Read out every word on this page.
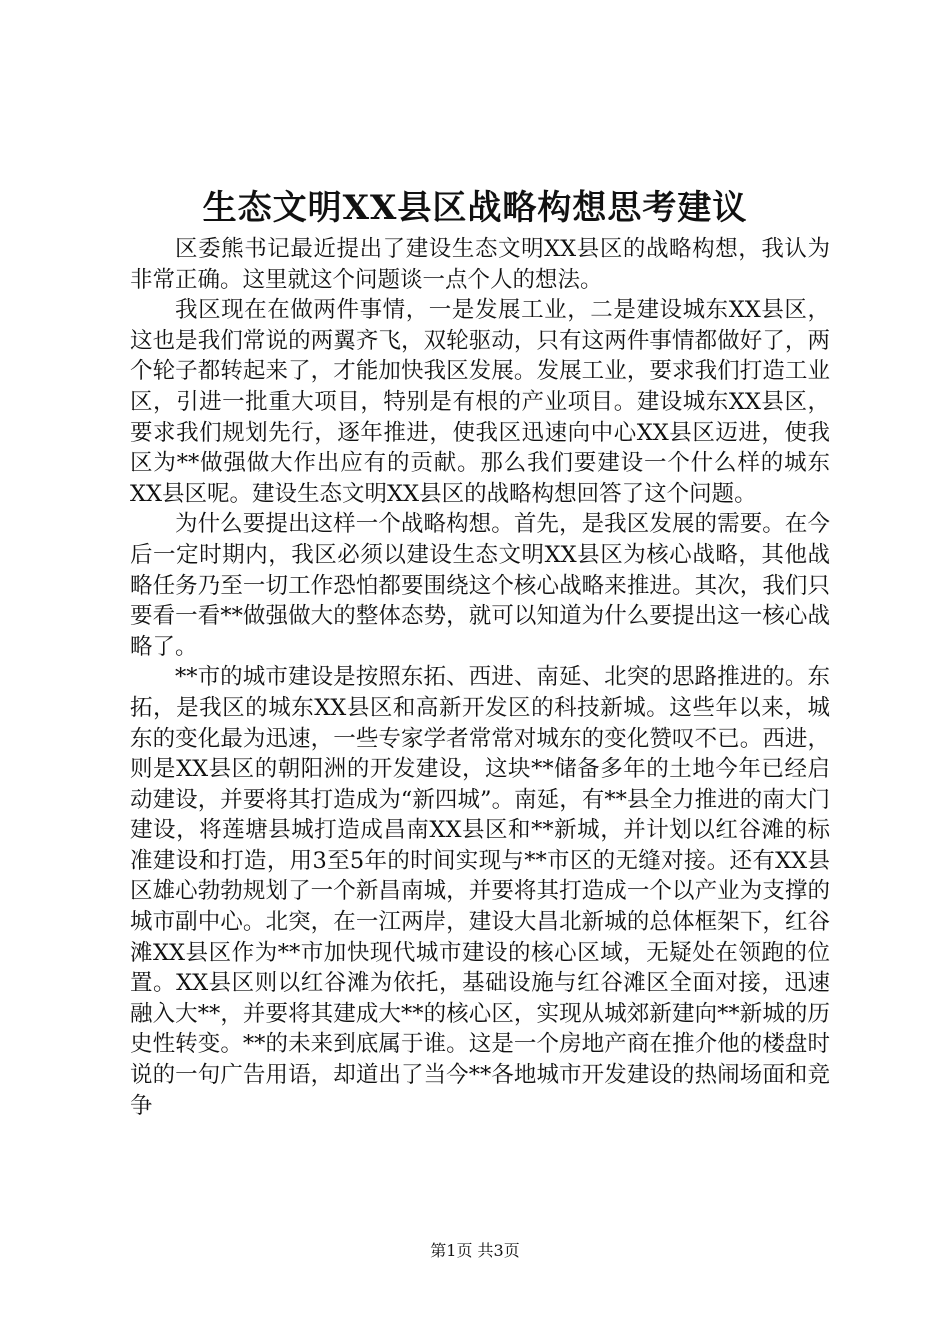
生态文明XX县区战略构想思考建议

区委熊书记最近提出了建设生态文明XX县区的战略构想，我认为非常正确。这里就这个问题谈一点个人的想法。

我区现在在做两件事情，一是发展工业，二是建设城东XX县区，这也是我们常说的两翼齐飞，双轮驱动，只有这两件事情都做好了，两个轮子都转起来了，才能加快我区发展。发展工业，要求我们打造工业区，引进一批重大项目，特别是有根的产业项目。建设城东XX县区，要求我们规划先行，逐年推进，使我区迅速向中心XX县区迈进，使我区为**做强做大作出应有的贡献。那么我们要建设一个什么样的城东XX县区呢。建设生态文明XX县区的战略构想回答了这个问题。

为什么要提出这样一个战略构想。首先，是我区发展的需要。在今后一定时期内，我区必须以建设生态文明XX县区为核心战略，其他战略任务乃至一切工作恐怕都要围绕这个核心战略来推进。其次，我们只要看一看**做强做大的整体态势，就可以知道为什么要提出这一核心战略了。

**市的城市建设是按照东拓、西进、南延、北突的思路推进的。东拓，是我区的城东XX县区和高新开发区的科技新城。这些年以来，城东的变化最为迅速，一些专家学者常常对城东的变化赞叹不已。西进，则是XX县区的朝阳洲的开发建设，这块**储备多年的土地今年已经启动建设，并要将其打造成为“新四城”。南延，有**县全力推进的南大门建设，将莲塘县城打造成昌南XX县区和**新城，并计划以红谷滩的标准建设和打造，用3至5年的时间实现与**市区的无缝对接。还有XX县区雄心勃勃规划了一个新昌南城，并要将其打造成一个以产业为支撑的城市副中心。北突，在一江两岸，建设大昌北新城的总体框架下，红谷滩XX县区作为**市加快现代城市建设的核心区域，无疑处在领跑的位置。XX县区则以红谷滩为依托，基础设施与红谷滩区全面对接，迅速融入大**，并要将其建成大**的核心区，实现从城郊新建向**新城的历史性转变。**的未来到底属于谁。这是一个房地产商在推介他的楼盘时说的一句广告用语，却道出了当今**各地城市开发建设的热闹场面和竞争

第1页 共3页
